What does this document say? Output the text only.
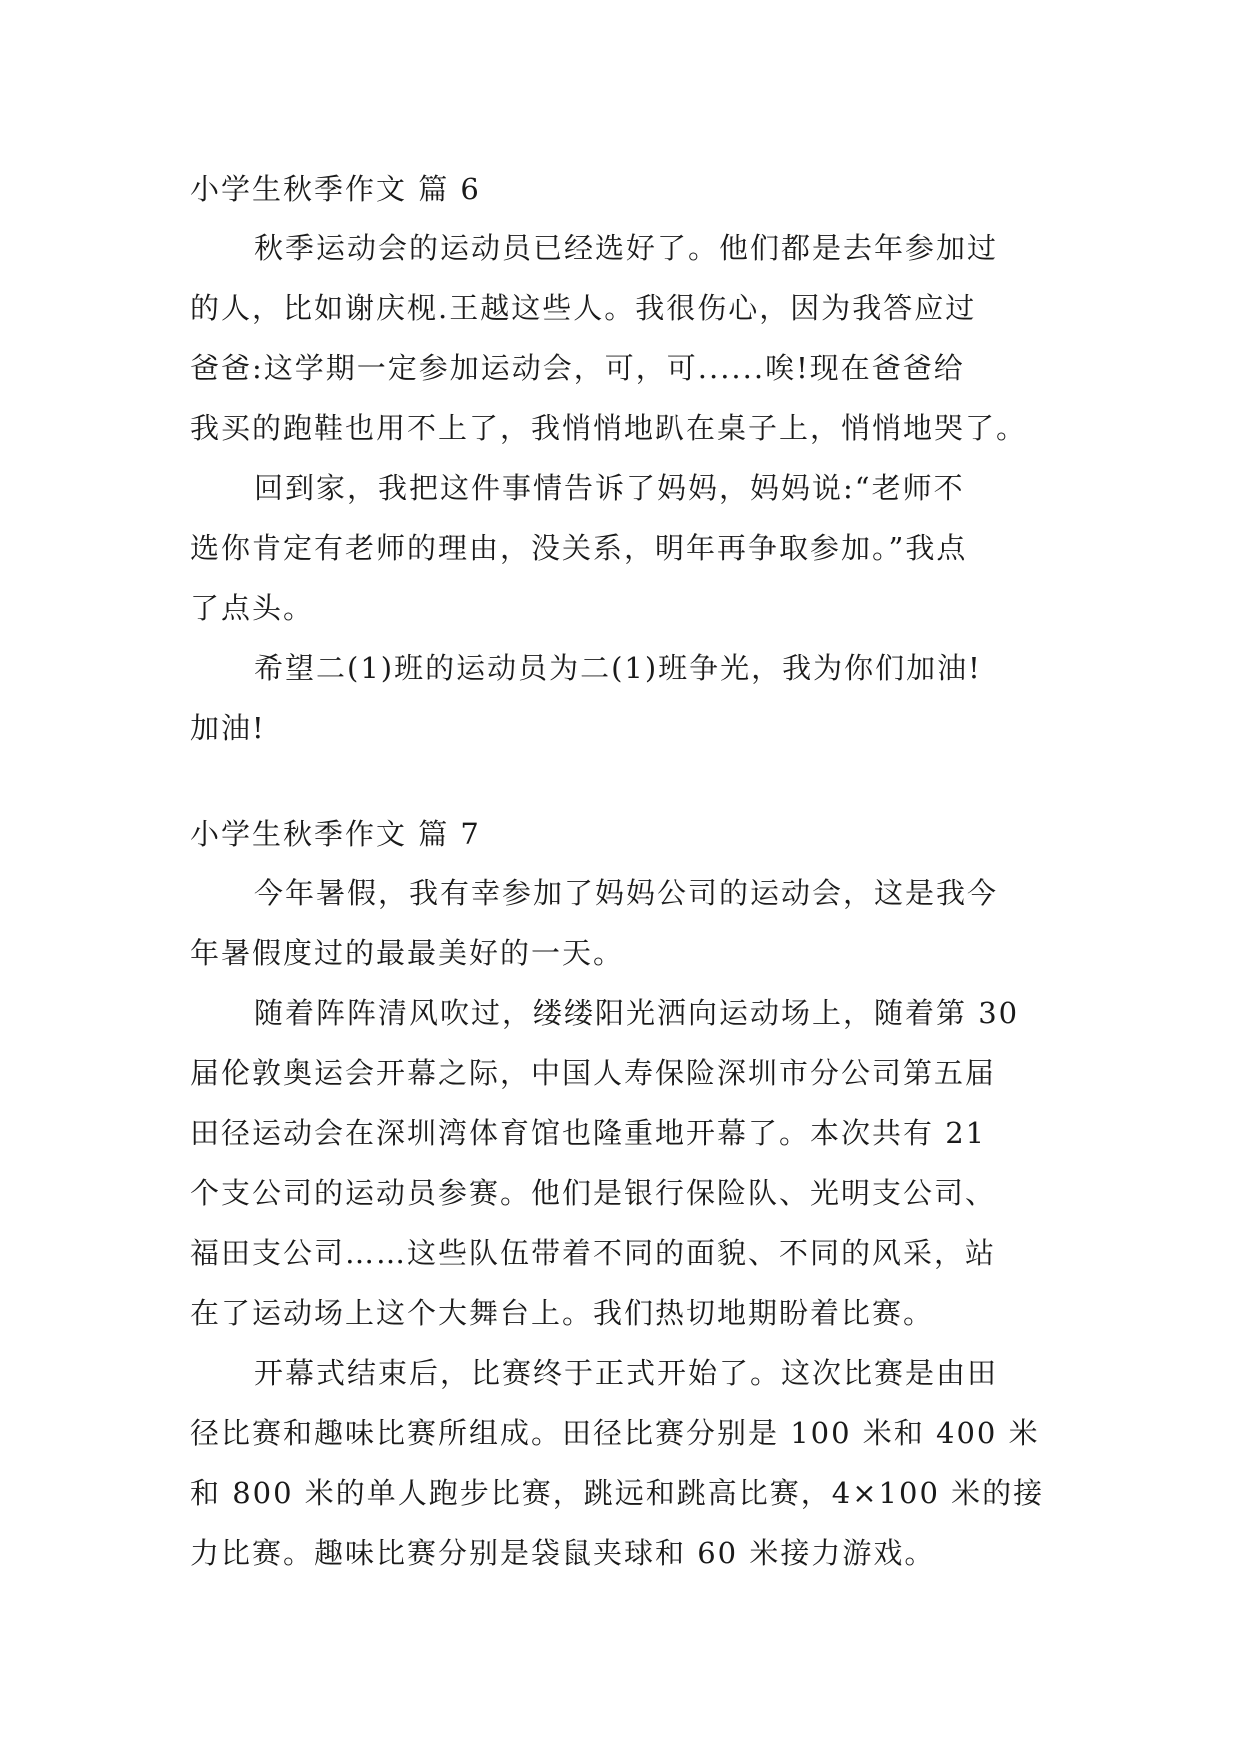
小学生秋季作文 篇 6

秋季运动会的运动员已经选好了。他们都是去年参加过
的人，比如谢庆枧.王越这些人。我很伤心，因为我答应过
爸爸:这学期一定参加运动会，可，可......唉!现在爸爸给
我买的跑鞋也用不上了，我悄悄地趴在桌子上，悄悄地哭了。

回到家，我把这件事情告诉了妈妈，妈妈说:“老师不
选你肯定有老师的理由，没关系，明年再争取参加。”我点
了点头。

希望二(1)班的运动员为二(1)班争光，我为你们加油!
加油!

小学生秋季作文 篇 7

今年暑假，我有幸参加了妈妈公司的运动会，这是我今
年暑假度过的最最美好的一天。

随着阵阵清风吹过，缕缕阳光洒向运动场上，随着第 30
届伦敦奥运会开幕之际，中国人寿保险深圳市分公司第五届
田径运动会在深圳湾体育馆也隆重地开幕了。本次共有 21
个支公司的运动员参赛。他们是银行保险队、光明支公司、
福田支公司……这些队伍带着不同的面貌、不同的风采，站
在了运动场上这个大舞台上。我们热切地期盼着比赛。

开幕式结束后，比赛终于正式开始了。这次比赛是由田
径比赛和趣味比赛所组成。田径比赛分别是 100 米和 400 米
和 800 米的单人跑步比赛，跳远和跳高比赛，4×100 米的接
力比赛。趣味比赛分别是袋鼠夹球和 60 米接力游戏。
